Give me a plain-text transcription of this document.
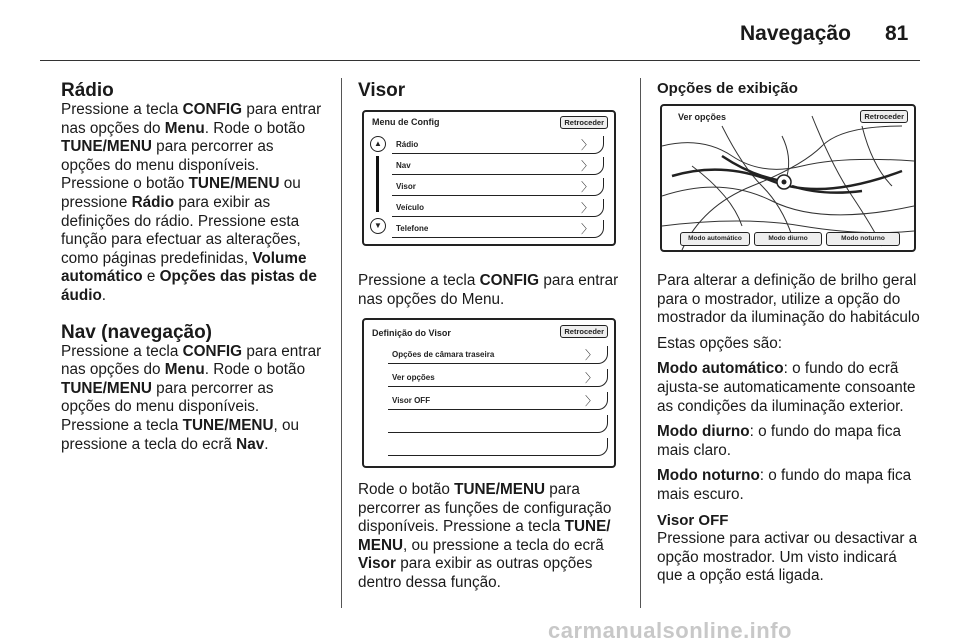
Navegação 81
Rádio

Pressione a tecla CONFIG para entrar nas opções do Menu. Rode o botão TUNE/MENU para percorrer as opções do menu disponíveis. Pressione o botão TUNE/MENU ou pressione Rádio para exibir as definições do rádio. Pressione esta função para efectuar as alterações, como páginas predefinidas, Volume automático e Opções das pistas de áudio.

Nav (navegação)

Pressione a tecla CONFIG para entrar nas opções do Menu. Rode o botão TUNE/MENU para percorrer as opções do menu disponíveis. Pressione a tecla TUNE/MENU, ou pressione a tecla do ecrã Nav.

Visor
Menu de Config	Retroceder
▲
▼
Rádio	〉
Nav	〉
Visor	〉
Veículo	〉
Telefone	〉

Pressione a tecla CONFIG para entrar nas opções do Menu.

Definição do Visor	Retroceder
Opções de câmara traseira	〉
Ver opções	〉
Visor OFF	〉

Rode o botão TUNE/MENU para percorrer as funções de configuração disponíveis. Pressione a tecla TUNE/ MENU, ou pressione a tecla do ecrã Visor para exibir as outras opções dentro dessa função.

Opções de exibição
Ver opções	Retroceder
Modo automático	Modo diurno	Modo noturno

Para alterar a definição de brilho geral para o mostrador, utilize a opção do mostrador da iluminação do habitáculo

Estas opções são:

Modo automático: o fundo do ecrã ajusta-se automaticamente consoante as condições da iluminação exterior.

Modo diurno: o fundo do mapa fica mais claro.

Modo noturno: o fundo do mapa fica mais escuro.

Visor OFF

Pressione para activar ou desactivar a opção mostrador. Um visto indicará que a opção está ligada.

carmanualsonline.info
